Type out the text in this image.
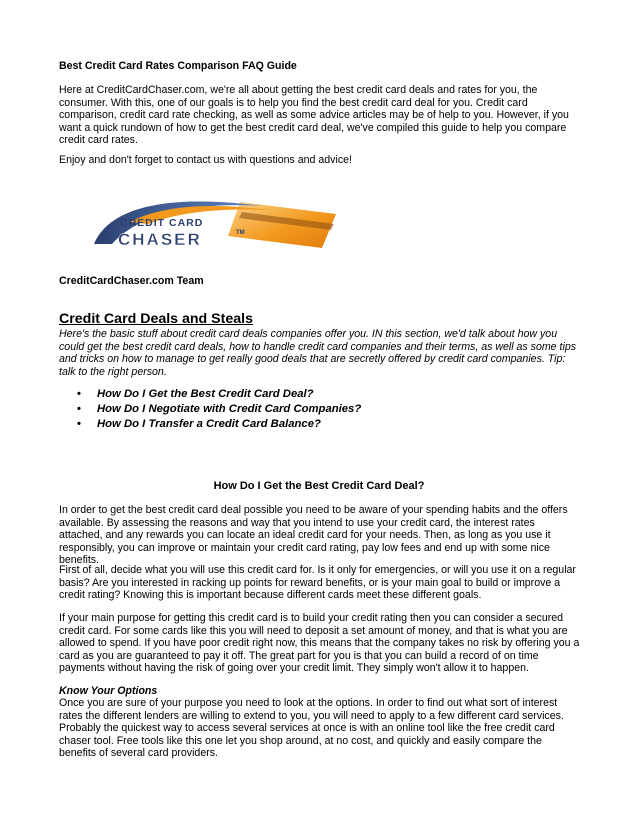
Best Credit Card Rates Comparison FAQ Guide

Here at CreditCardChaser.com, we're all about getting the best credit card deals and rates for you, the consumer. With this, one of our goals is to help you find the best credit card deal for you. Credit card comparison, credit card rate checking, as well as some advice articles may be of help to you. However, if you want a quick rundown of how to get the best credit card deal, we've compiled this guide to help you compare credit card rates.

Enjoy and don't forget to contact us with questions and advice!

CREDIT CARD
CHASER	TM

CreditCardChaser.com Team

Credit Card Deals and Steals

Here's the basic stuff about credit card deals companies offer you. IN this section, we'd talk about how you could get the best credit card deals, how to handle credit card companies and their terms, as well as some tips and tricks on how to manage to get really good deals that are secretly offered by credit card companies. Tip: talk to the right person.

• How Do I Get the Best Credit Card Deal?
• How Do I Negotiate with Credit Card Companies?
• How Do I Transfer a Credit Card Balance?

How Do I Get the Best Credit Card Deal?

In order to get the best credit card deal possible you need to be aware of your spending habits and the offers available. By assessing the reasons and way that you intend to use your credit card, the interest rates attached, and any rewards you can locate an ideal credit card for your needs. Then, as long as you use it responsibly, you can improve or maintain your credit card rating, pay low fees and end up with some nice benefits.

First of all, decide what you will use this credit card for. Is it only for emergencies, or will you use it on a regular basis? Are you interested in racking up points for reward benefits, or is your main goal to build or improve a credit rating? Knowing this is important because different cards meet these different goals.

If your main purpose for getting this credit card is to build your credit rating then you can consider a secured credit card. For some cards like this you will need to deposit a set amount of money, and that is what you are allowed to spend. If you have poor credit right now, this means that the company takes no risk by offering you a card as you are guaranteed to pay it off. The great part for you is that you can build a record of on time payments without having the risk of going over your credit limit. They simply won't allow it to happen.

Know Your Options

Once you are sure of your purpose you need to look at the options. In order to find out what sort of interest rates the different lenders are willing to extend to you, you will need to apply to a few different card services. Probably the quickest way to access several services at once is with an online tool like the free credit card chaser tool. Free tools like this one let you shop around, at no cost, and quickly and easily compare the benefits of several card providers.
